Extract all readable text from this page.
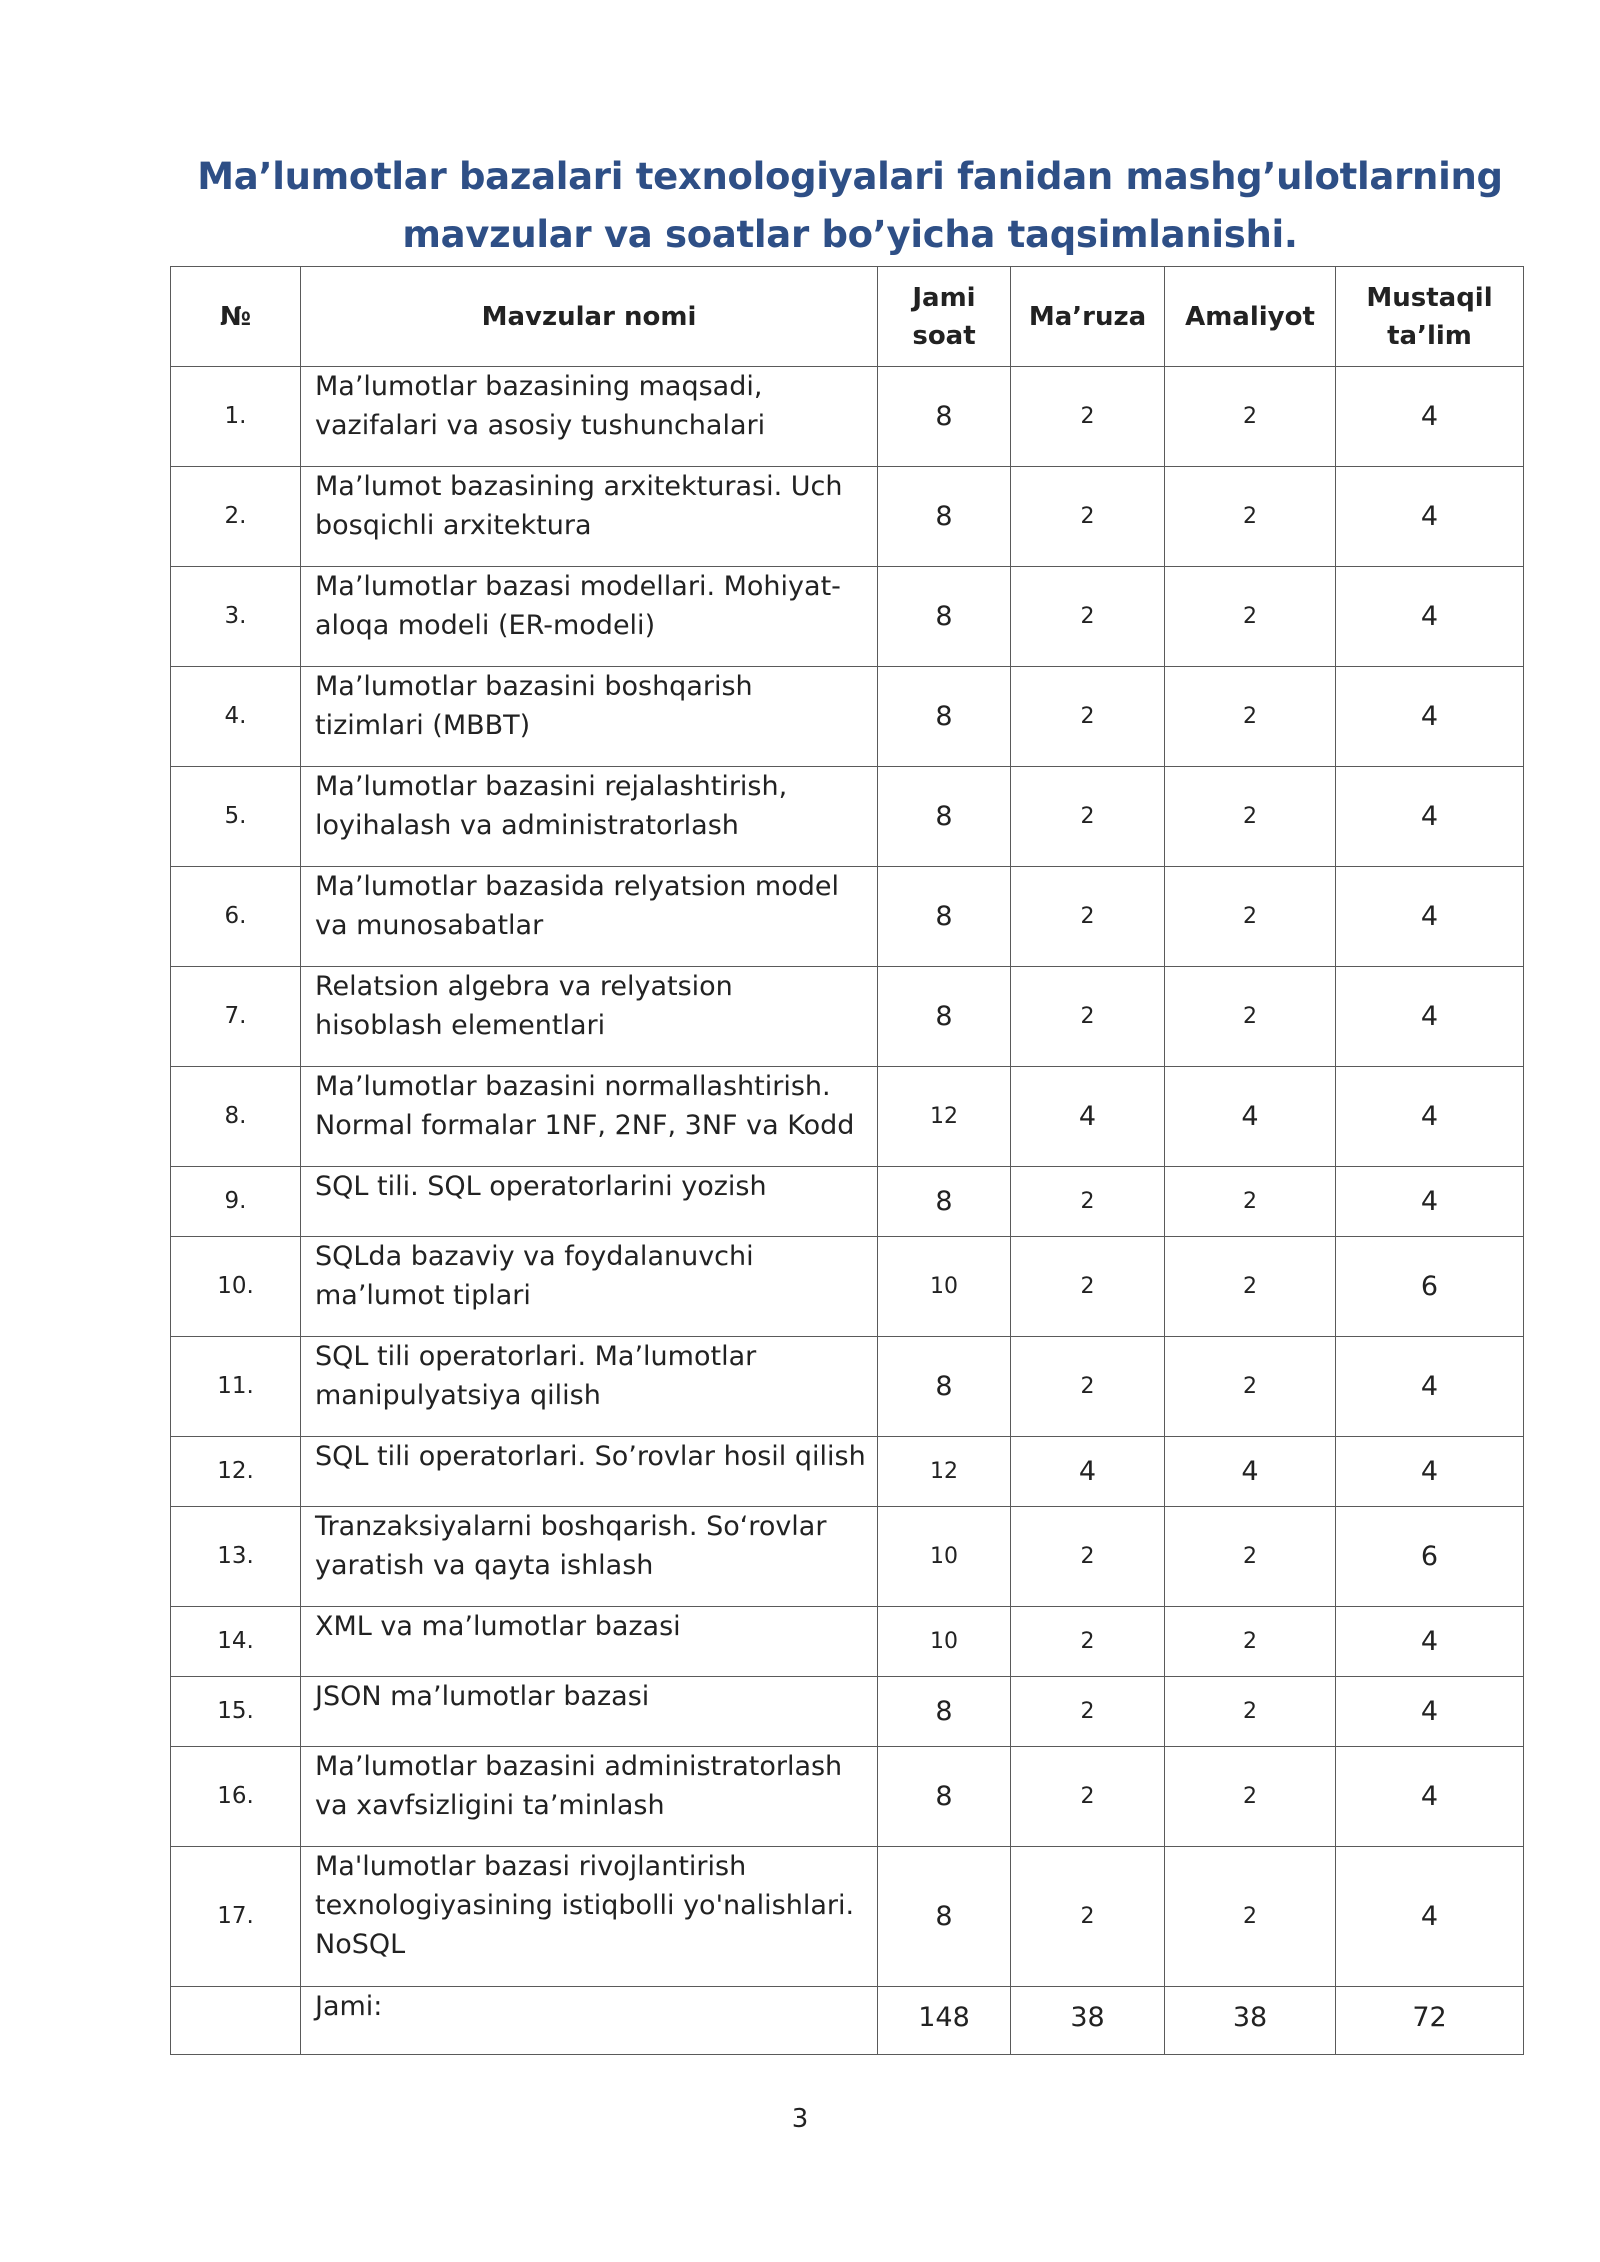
Ma’lumotlar bazalari texnologiyalari fanidan mashg’ulotlarning
mavzular va soatlar bo’yicha taqsimlanishi.
№	Mavzular nomi	Jami soat	Ma’ruza	Amaliyot	Mustaqil ta’lim
1.	Ma’lumotlar bazasining maqsadi, vazifalari va asosiy tushunchalari	8	2	2	4
2.	Ma’lumot bazasining arxitekturasi. Uch bosqichli arxitektura	8	2	2	4
3.	Ma’lumotlar bazasi modellari. Mohiyat-aloqa modeli (ER-modeli)	8	2	2	4
4.	Ma’lumotlar bazasini boshqarish tizimlari (MBBT)	8	2	2	4
5.	Ma’lumotlar bazasini rejalashtirish, loyihalash va administratorlash	8	2	2	4
6.	Ma’lumotlar bazasida relyatsion model va munosabatlar	8	2	2	4
7.	Relatsion algebra va relyatsion hisoblash elementlari	8	2	2	4
8.	Ma’lumotlar bazasini normallashtirish. Normal formalar 1NF, 2NF, 3NF va Kodd	12	4	4	4
9.	SQL tili. SQL operatorlarini yozish	8	2	2	4
10.	SQLda bazaviy va foydalanuvchi ma’lumot tiplari	10	2	2	6
11.	SQL tili operatorlari. Ma’lumotlar manipulyatsiya qilish	8	2	2	4
12.	SQL tili operatorlari. So’rovlar hosil qilish	12	4	4	4
13.	Tranzaksiyalarni boshqarish. So‘rovlar yaratish va qayta ishlash	10	2	2	6
14.	XML va ma’lumotlar bazasi	10	2	2	4
15.	JSON ma’lumotlar bazasi	8	2	2	4
16.	Ma’lumotlar bazasini administratorlash va xavfsizligini ta’minlash	8	2	2	4
17.	Ma'lumotlar bazasi rivojlantirish texnologiyasining istiqbolli yo'nalishlari. NoSQL	8	2	2	4
	Jami:	148	38	38	72
3
